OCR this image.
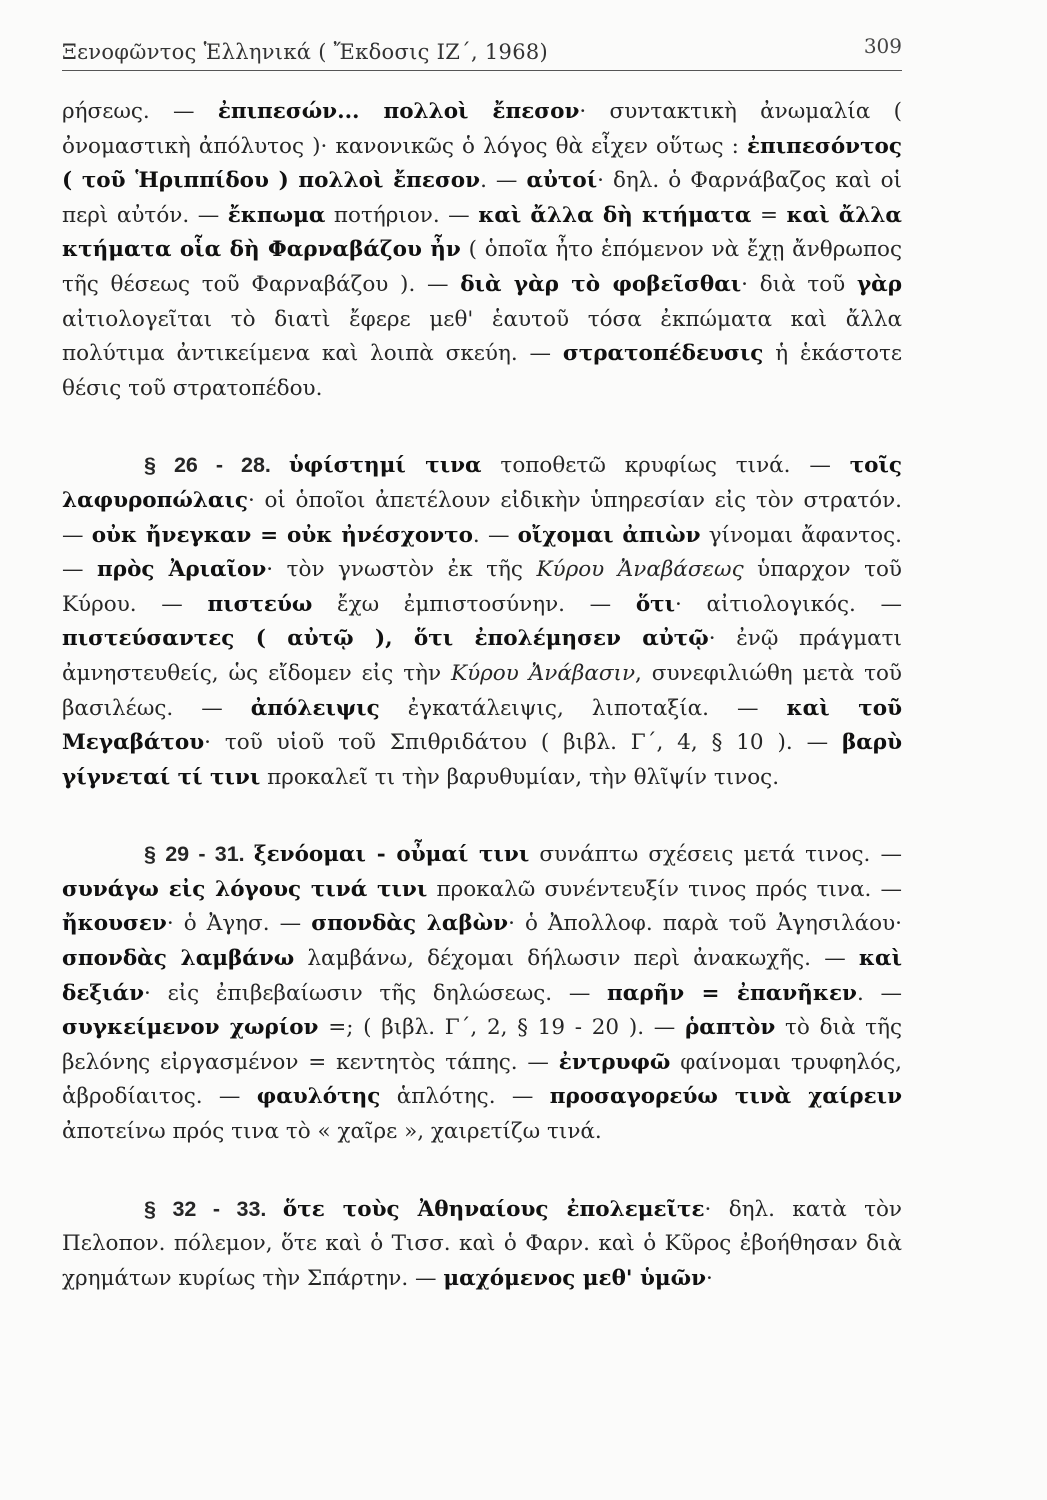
Ξενοφῶντος Ἑλληνικά ( Ἔκδοσις ΙΖ΄, 1968)	309

ρήσεως. — ἐπιπεσών... πολλοὶ ἔπεσον· συντακτικὴ ἀνωμαλία ( ὀνομαστικὴ ἀπόλυτος )· κανονικῶς ὁ λόγος θὰ εἶχεν οὕτως : ἐπιπεσόντος ( τοῦ Ἡριππίδου ) πολλοὶ ἔπεσον. — αὐτοί· δηλ. ὁ Φαρνάβαζος καὶ οἱ περὶ αὐτόν. — ἔκπωμα ποτήριον. — καὶ ἄλλα δὴ κτήματα = καὶ ἄλλα κτήματα οἷα δὴ Φαρναβάζου ἦν ( ὁποῖα ἦτο ἑπόμενον νὰ ἔχῃ ἄνθρωπος τῆς θέσεως τοῦ Φαρναβάζου ). — διὰ γὰρ τὸ φοβεῖσθαι· διὰ τοῦ γὰρ αἰτιολογεῖται τὸ διατὶ ἔφερε μεθ' ἑαυτοῦ τόσα ἐκπώματα καὶ ἄλλα πολύτιμα ἀντικείμενα καὶ λοιπὰ σκεύη. — στρατοπέδευσις ἡ ἑκάστοτε θέσις τοῦ στρατοπέδου.

§ 26 - 28. ὑφίστημί τινα τοποθετῶ κρυφίως τινά. — τοῖς λαφυροπώλαις· οἱ ὁποῖοι ἀπετέλουν εἰδικὴν ὑπηρεσίαν εἰς τὸν στρατόν. — οὐκ ἤνεγκαν = οὐκ ἠνέσχοντο. — οἴχομαι ἀπιὼν γίνομαι ἄφαντος. — πρὸς Ἀριαῖον· τὸν γνωστὸν ἐκ τῆς Κύρου Ἀναβάσεως ὑπαρχον τοῦ Κύρου. — πιστεύω ἔχω ἐμπιστοσύνην. — ὅτι· αἰτιολογικός. — πιστεύσαντες ( αὐτῷ ), ὅτι ἐπολέμησεν αὐτῷ· ἐνῷ πράγματι ἀμνηστευθείς, ὡς εἴδομεν εἰς τὴν Κύρου Ἀνάβασιν, συνεφιλιώθη μετὰ τοῦ βασιλέως. — ἀπόλειψις ἐγκατάλειψις, λιποταξία. — καὶ τοῦ Μεγαβάτου· τοῦ υἱοῦ τοῦ Σπιθριδάτου ( βιβλ. Γ΄, 4, § 10 ). — βαρὺ γίγνεταί τί τινι προκαλεῖ τι τὴν βαρυθυμίαν, τὴν θλῖψίν τινος.

§ 29 - 31. ξενόομαι - οὖμαί τινι συνάπτω σχέσεις μετά τινος. — συνάγω εἰς λόγους τινά τινι προκαλῶ συνέντευξίν τινος πρός τινα. — ἤκουσεν· ὁ Ἀγησ. — σπονδὰς λαβὼν· ὁ Ἀπολλοφ. παρὰ τοῦ Ἀγησιλάου· σπονδὰς λαμβάνω λαμβάνω, δέχομαι δήλωσιν περὶ ἀνακωχῆς. — καὶ δεξιάν· εἰς ἐπιβεβαίωσιν τῆς δηλώσεως. — παρῆν = ἐπανῆκεν. — συγκείμενον χωρίον =; ( βιβλ. Γ΄, 2, § 19 - 20 ). — ῥαπτὸν τὸ διὰ τῆς βελόνης εἰργασμένον = κεντητὸς τάπης. — ἐντρυφῶ φαίνομαι τρυφηλός, ἁβροδίαιτος. — φαυλότης ἁπλότης. — προσαγορεύω τινὰ χαίρειν ἀποτείνω πρός τινα τὸ « χαῖρε », χαιρετίζω τινά.

§ 32 - 33. ὅτε τοὺς Ἀθηναίους ἐπολεμεῖτε· δηλ. κατὰ τὸν Πελοπον. πόλεμον, ὅτε καὶ ὁ Τισσ. καὶ ὁ Φαρν. καὶ ὁ Κῦρος ἐβοήθησαν διὰ χρημάτων κυρίως τὴν Σπάρτην. — μαχόμενος μεθ' ὑμῶν·
